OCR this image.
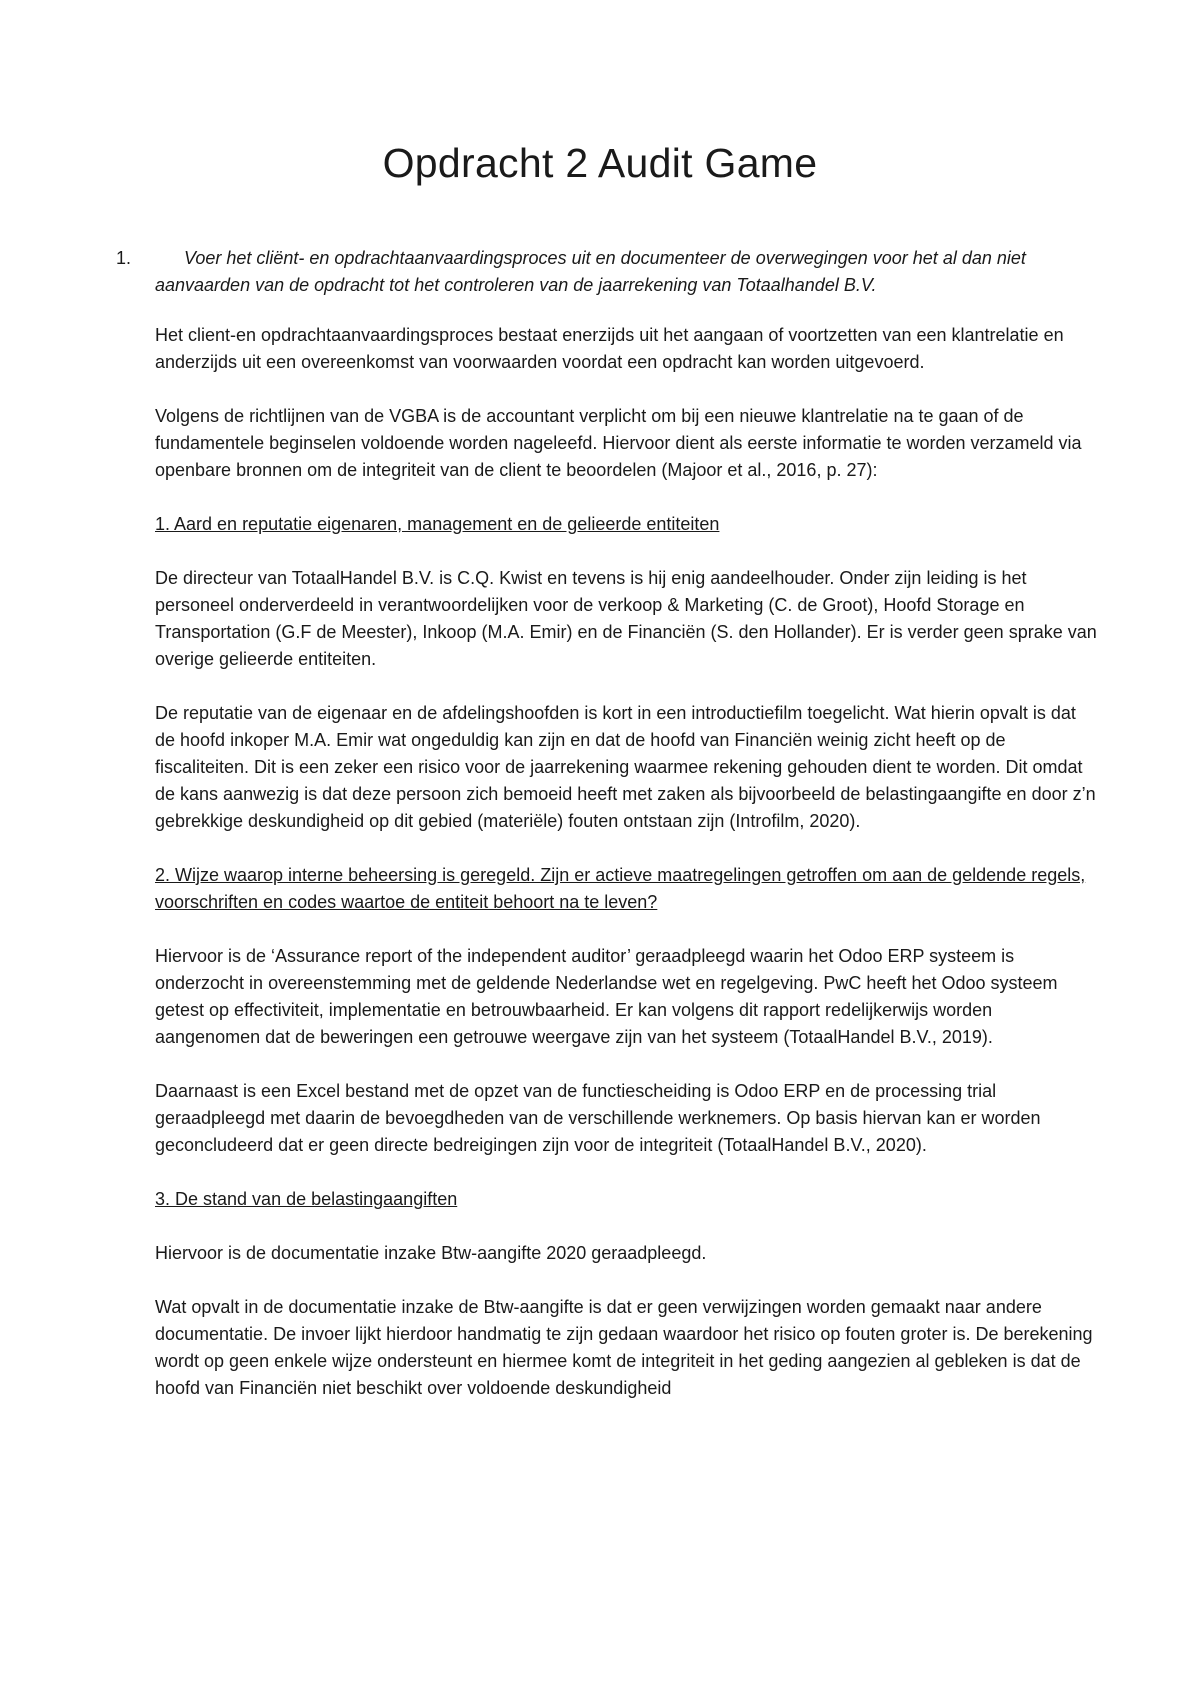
Opdracht 2 Audit Game
1.	Voer het cliënt- en opdrachtaanvaardingsproces uit en documenteer de overwegingen voor het al dan niet aanvaarden van de opdracht tot het controleren van de jaarrekening van Totaalhandel B.V.

Het client-en opdrachtaanvaardingsproces bestaat enerzijds uit het aangaan of voortzetten van een klantrelatie en anderzijds uit een overeenkomst van voorwaarden voordat een opdracht kan worden uitgevoerd.

Volgens de richtlijnen van de VGBA is de accountant verplicht om bij een nieuwe klantrelatie na te gaan of de fundamentele beginselen voldoende worden nageleefd. Hiervoor dient als eerste informatie te worden verzameld via openbare bronnen om de integriteit van de client te beoordelen (Majoor et al., 2016, p. 27):

1. Aard en reputatie eigenaren, management en de gelieerde entiteiten

De directeur van TotaalHandel B.V. is C.Q. Kwist en tevens is hij enig aandeelhouder. Onder zijn leiding is het personeel onderverdeeld in verantwoordelijken voor de verkoop & Marketing (C. de Groot), Hoofd Storage en Transportation (G.F de Meester), Inkoop (M.A. Emir) en de Financiën (S. den Hollander). Er is verder geen sprake van overige gelieerde entiteiten.

De reputatie van de eigenaar en de afdelingshoofden is kort in een introductiefilm toegelicht. Wat hierin opvalt is dat de hoofd inkoper M.A. Emir wat ongeduldig kan zijn en dat de hoofd van Financiën weinig zicht heeft op de fiscaliteiten. Dit is een zeker een risico voor de jaarrekening waarmee rekening gehouden dient te worden. Dit omdat de kans aanwezig is dat deze persoon zich bemoeid heeft met zaken als bijvoorbeeld de belastingaangifte en door z’n gebrekkige deskundigheid op dit gebied (materiële) fouten ontstaan zijn (Introfilm, 2020).

2. Wijze waarop interne beheersing is geregeld. Zijn er actieve maatregelingen getroffen om aan de geldende regels, voorschriften en codes waartoe de entiteit behoort na te leven?

Hiervoor is de ‘Assurance report of the independent auditor’ geraadpleegd waarin het Odoo ERP systeem is onderzocht in overeenstemming met de geldende Nederlandse wet en regelgeving. PwC heeft het Odoo systeem getest op effectiviteit, implementatie en betrouwbaarheid. Er kan volgens dit rapport redelijkerwijs worden aangenomen dat de beweringen een getrouwe weergave zijn van het systeem (TotaalHandel B.V., 2019).

Daarnaast is een Excel bestand met de opzet van de functiescheiding is Odoo ERP en de processing trial geraadpleegd met daarin de bevoegdheden van de verschillende werknemers. Op basis hiervan kan er worden geconcludeerd dat er geen directe bedreigingen zijn voor de integriteit (TotaalHandel B.V., 2020).

3. De stand van de belastingaangiften

Hiervoor is de documentatie inzake Btw-aangifte 2020 geraadpleegd.

Wat opvalt in de documentatie inzake de Btw-aangifte is dat er geen verwijzingen worden gemaakt naar andere documentatie. De invoer lijkt hierdoor handmatig te zijn gedaan waardoor het risico op fouten groter is. De berekening wordt op geen enkele wijze ondersteunt en hiermee komt de integriteit in het geding aangezien al gebleken is dat de hoofd van Financiën niet beschikt over voldoende deskundigheid
